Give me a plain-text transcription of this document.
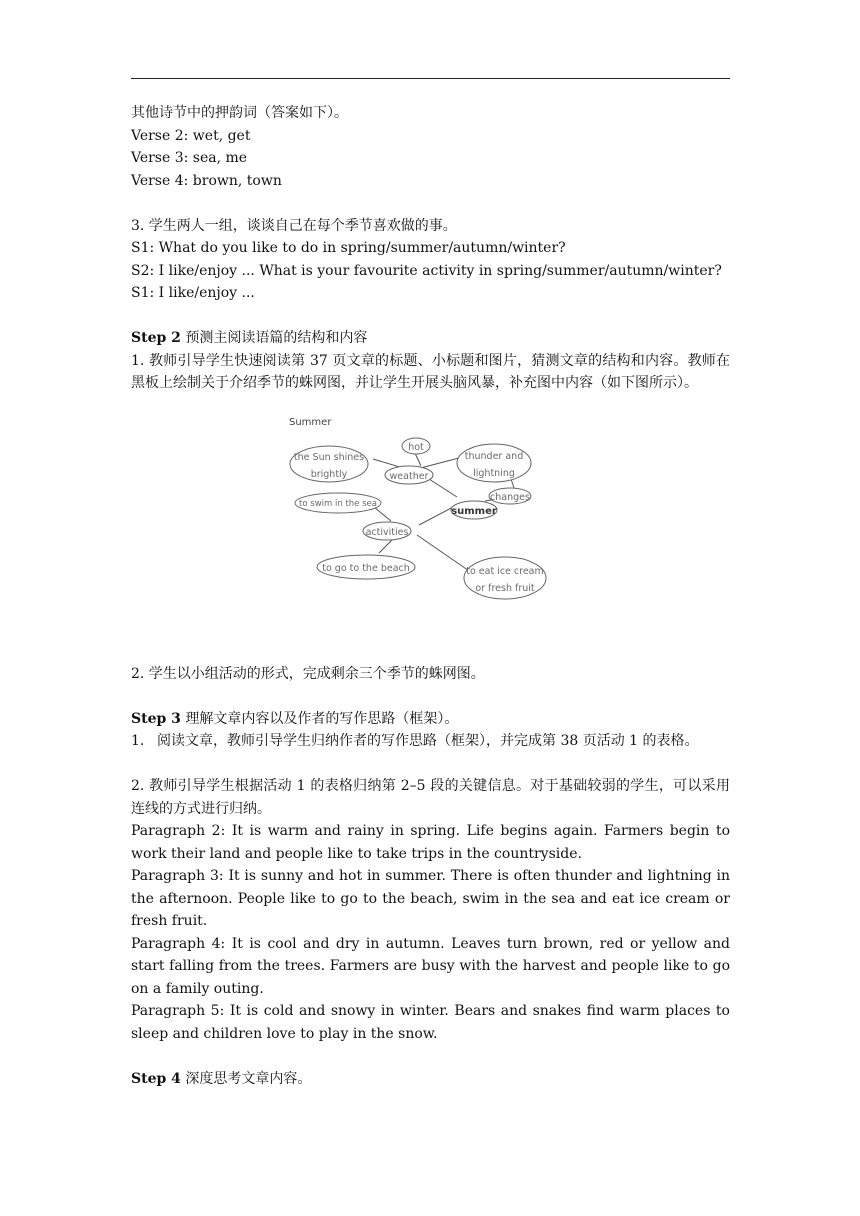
其他诗节中的押韵词（答案如下）。

Verse 2: wet, get

Verse 3: sea, me

Verse 4: brown, town

3. 学生两人一组，谈谈自己在每个季节喜欢做的事。

S1: What do you like to do in spring/summer/autumn/winter?

S2: I like/enjoy ... What is your favourite activity in spring/summer/autumn/winter?

S1: I like/enjoy ...

Step 2 预测主阅读语篇的结构和内容

1. 教师引导学生快速阅读第 37 页文章的标题、小标题和图片，猜测文章的结构和内容。教师在黑板上绘制关于介绍季节的蛛网图，并让学生开展头脑风暴，补充图中内容（如下图所示）。

Summer
the Sun shines
brightly
hot
thunder and
lightning
weather
changes
to swim in the sea
summer
activities
to go to the beach	to eat ice cream
or fresh fruit

2. 学生以小组活动的形式，完成剩余三个季节的蛛网图。

Step 3 理解文章内容以及作者的写作思路（框架）。

1. 阅读文章，教师引导学生归纳作者的写作思路（框架），并完成第 38 页活动 1 的表格。

2. 教师引导学生根据活动 1 的表格归纳第 2–5 段的关键信息。对于基础较弱的学生，可以采用连线的方式进行归纳。

Paragraph 2: It is warm and rainy in spring. Life begins again. Farmers begin to work their land and people like to take trips in the countryside.

Paragraph 3: It is sunny and hot in summer. There is often thunder and lightning in the afternoon. People like to go to the beach, swim in the sea and eat ice cream or fresh fruit.

Paragraph 4: It is cool and dry in autumn. Leaves turn brown, red or yellow and start falling from the trees. Farmers are busy with the harvest and people like to go on a family outing.

Paragraph 5: It is cold and snowy in winter. Bears and snakes find warm places to sleep and children love to play in the snow.

Step 4 深度思考文章内容。
